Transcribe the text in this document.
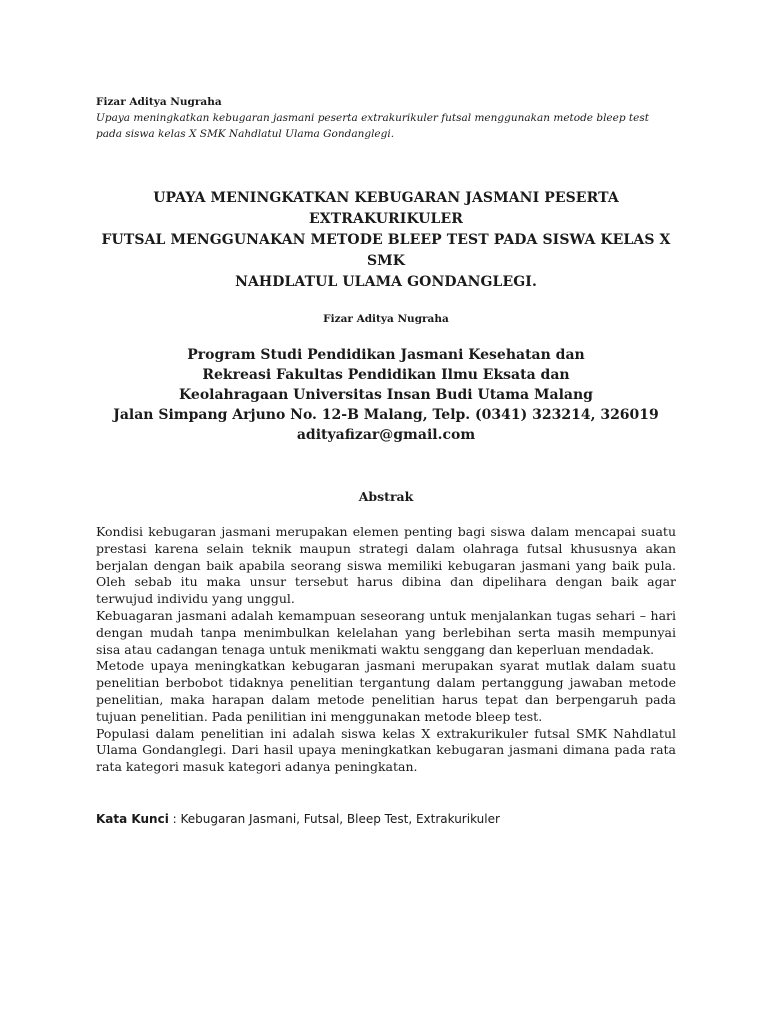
Fizar Aditya Nugraha
Upaya meningkatkan kebugaran jasmani peserta extrakurikuler futsal menggunakan metode bleep test pada siswa kelas X SMK Nahdlatul Ulama Gondanglegi.
UPAYA MENINGKATKAN KEBUGARAN JASMANI PESERTA EXTRAKURIKULER
FUTSAL MENGGUNAKAN METODE BLEEP TEST PADA SISWA KELAS X SMK
NAHDLATUL ULAMA GONDANGLEGI.
Fizar Aditya Nugraha
Program Studi Pendidikan Jasmani Kesehatan dan
Rekreasi Fakultas Pendidikan Ilmu Eksata dan
Keolahragaan Universitas Insan Budi Utama Malang
Jalan Simpang Arjuno No. 12-B Malang, Telp. (0341) 323214, 326019
adityafizar@gmail.com
Abstrak

Kondisi kebugaran jasmani merupakan elemen penting bagi siswa dalam mencapai suatu prestasi karena selain teknik maupun strategi dalam olahraga futsal khususnya akan berjalan dengan baik apabila seorang siswa memiliki kebugaran jasmani yang baik pula. Oleh sebab itu maka unsur tersebut harus dibina dan dipelihara dengan baik agar terwujud individu yang unggul.

Kebuagaran jasmani adalah kemampuan seseorang untuk menjalankan tugas sehari – hari dengan mudah tanpa menimbulkan kelelahan yang berlebihan serta masih mempunyai sisa atau cadangan tenaga untuk menikmati waktu senggang dan keperluan mendadak.

Metode upaya meningkatkan kebugaran jasmani merupakan syarat mutlak dalam suatu penelitian berbobot tidaknya penelitian tergantung dalam pertanggung jawaban metode penelitian, maka harapan dalam metode penelitian harus tepat dan berpengaruh pada tujuan penelitian. Pada penilitian ini menggunakan metode bleep test.

Populasi dalam penelitian ini adalah siswa kelas X extrakurikuler futsal SMK Nahdlatul Ulama Gondanglegi. Dari hasil upaya meningkatkan kebugaran jasmani dimana pada rata rata kategori masuk kategori adanya peningkatan.

Kata Kunci : Kebugaran Jasmani, Futsal, Bleep Test, Extrakurikuler
